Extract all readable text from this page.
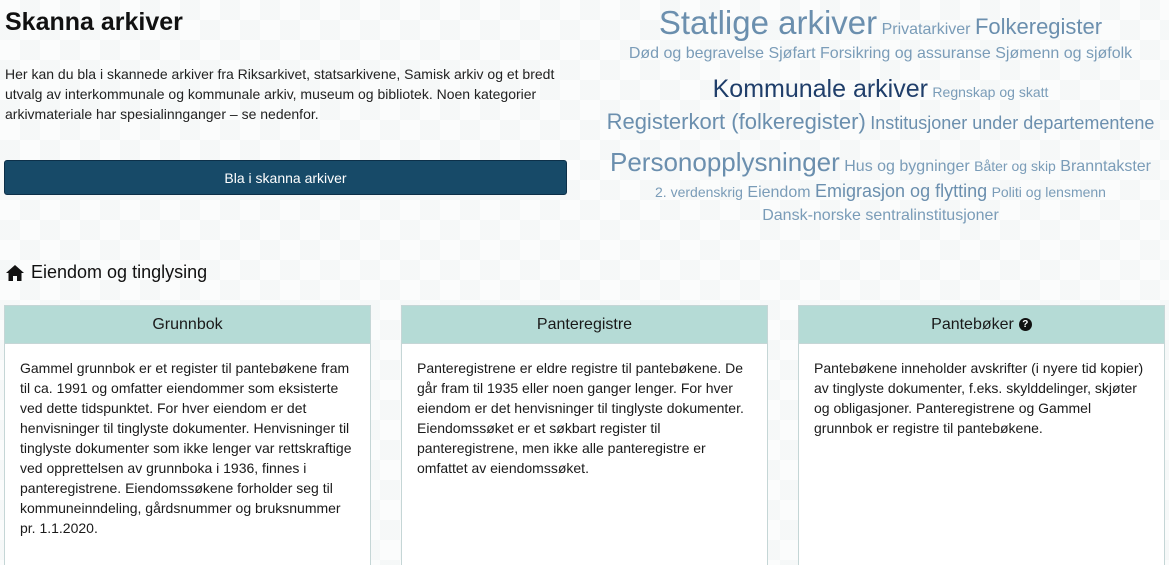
Skanna arkiver

Her kan du bla i skannede arkiver fra Riksarkivet, statsarkivene, Samisk arkiv og et bredt utvalg av interkommunale og kommunale arkiv, museum og bibliotek. Noen kategorier arkivmateriale har spesialinnganger – se nedenfor.

Bla i skanna arkiver
Statlige arkiver Privatarkiver Folkeregister
Død og begravelse Sjøfart Forsikring og assuranse Sjømenn og sjøfolk
Kommunale arkiver Regnskap og skatt
Registerkort (folkeregister) Institusjoner under departementene
Personopplysninger Hus og bygninger Båter og skip Branntakster
2. verdenskrig Eiendom Emigrasjon og flytting Politi og lensmenn
Dansk-norske sentralinstitusjoner
Eiendom og tinglysing
Grunnbok
Gammel grunnbok er et register til pantebøkene fram til ca. 1991 og omfatter eiendommer som eksisterte ved dette tidspunktet. For hver eiendom er det henvisninger til tinglyste dokumenter. Henvisninger til tinglyste dokumenter som ikke lenger var rettskraftige ved opprettelsen av grunnboka i 1936, finnes i panteregistrene. Eiendomssøkene forholder seg til kommuneinndeling, gårdsnummer og bruksnummer pr. 1.1.2020.
Panteregistre
Panteregistrene er eldre registre til pantebøkene. De går fram til 1935 eller noen ganger lenger. For hver eiendom er det henvisninger til tinglyste dokumenter. Eiendomssøket er et søkbart register til panteregistrene, men ikke alle panteregistre er omfattet av eiendomssøket.
Pantebøker ?
Pantebøkene inneholder avskrifter (i nyere tid kopier) av tinglyste dokumenter, f.eks. skylddelinger, skjøter og obligasjoner. Panteregistrene og Gammel grunnbok er registre til pantebøkene.
